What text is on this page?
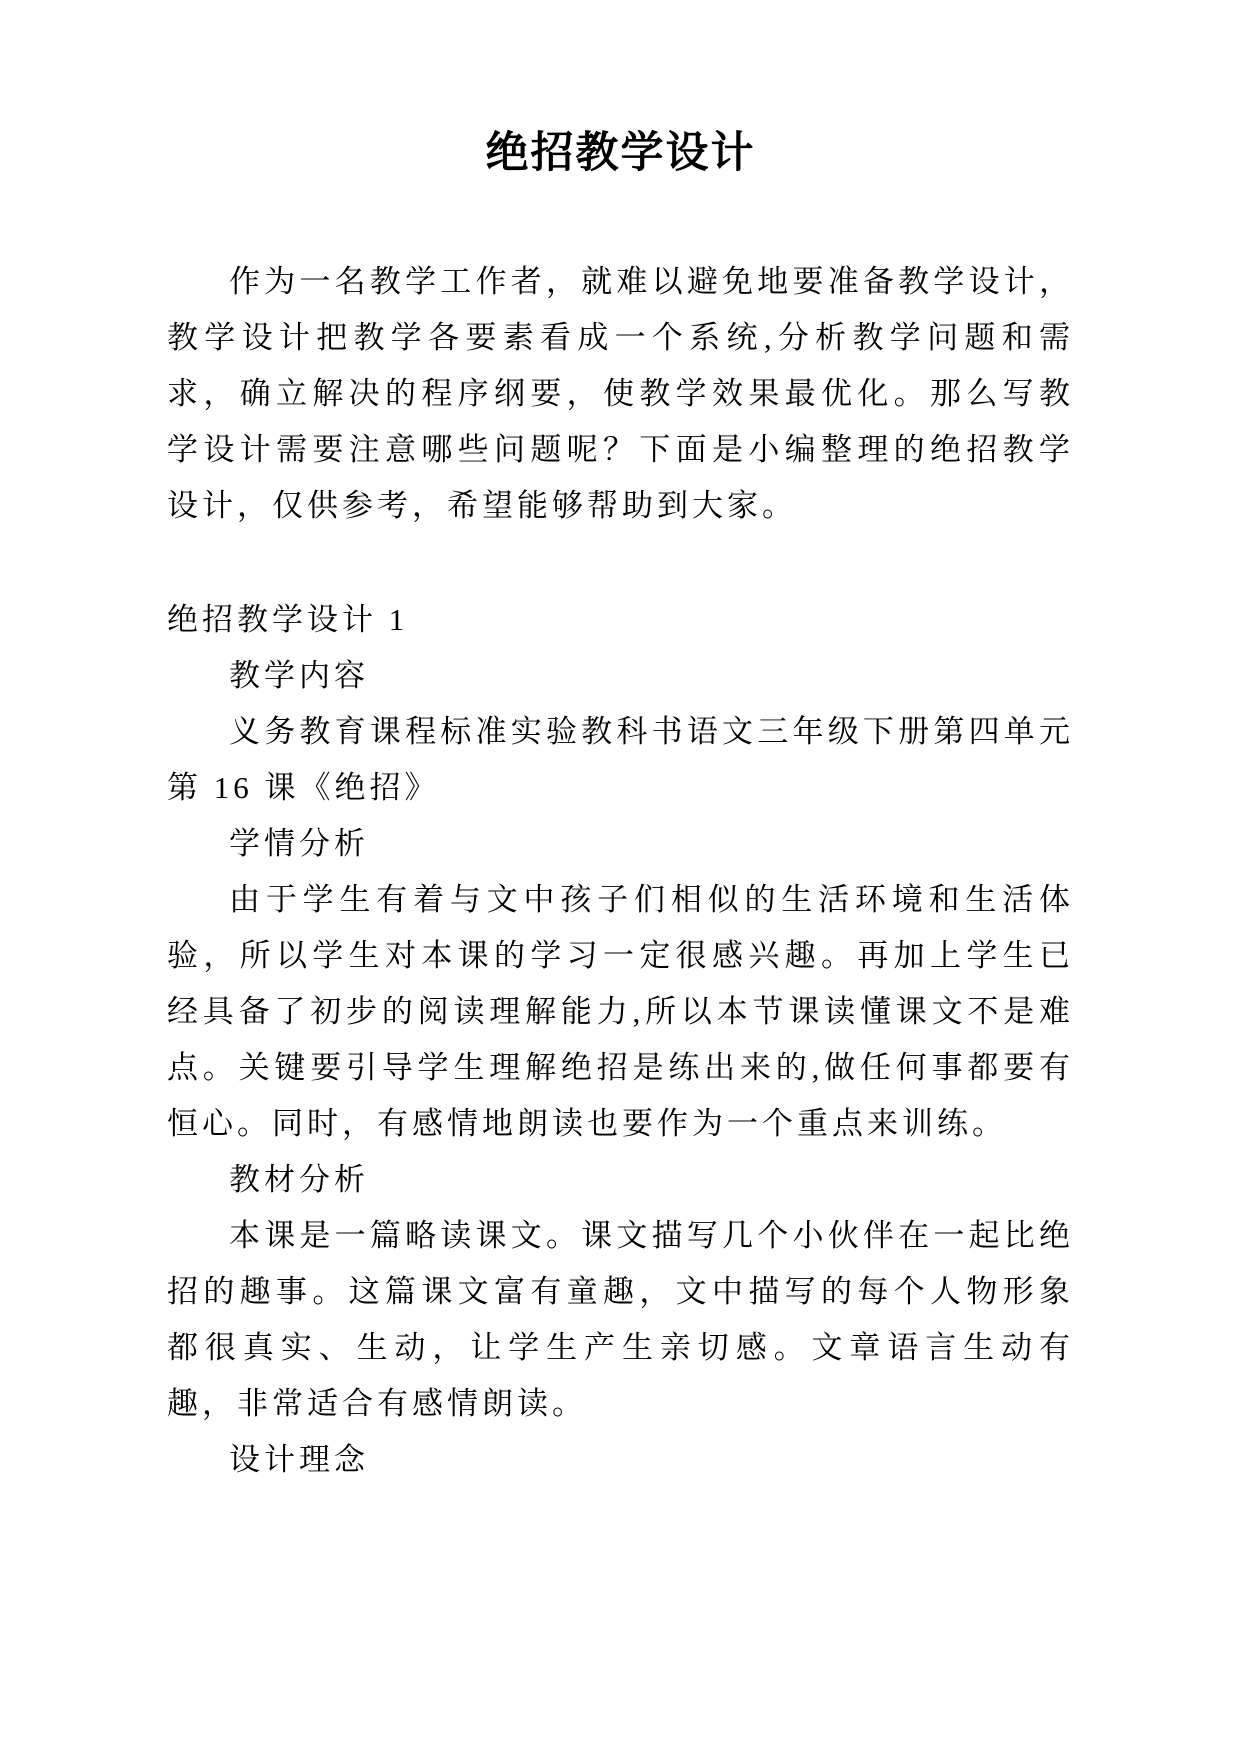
绝招教学设计

作为一名教学工作者，就难以避免地要准备教学设计，教学设计把教学各要素看成一个系统,分析教学问题和需求，确立解决的程序纲要，使教学效果最优化。那么写教学设计需要注意哪些问题呢？下面是小编整理的绝招教学设计，仅供参考，希望能够帮助到大家。

绝招教学设计 1

教学内容

义务教育课程标准实验教科书语文三年级下册第四单元第 16 课《绝招》

学情分析

由于学生有着与文中孩子们相似的生活环境和生活体验，所以学生对本课的学习一定很感兴趣。再加上学生已经具备了初步的阅读理解能力,所以本节课读懂课文不是难点。关键要引导学生理解绝招是练出来的,做任何事都要有恒心。同时，有感情地朗读也要作为一个重点来训练。

教材分析

本课是一篇略读课文。课文描写几个小伙伴在一起比绝招的趣事。这篇课文富有童趣，文中描写的每个人物形象都很真实、生动，让学生产生亲切感。文章语言生动有趣，非常适合有感情朗读。

设计理念
